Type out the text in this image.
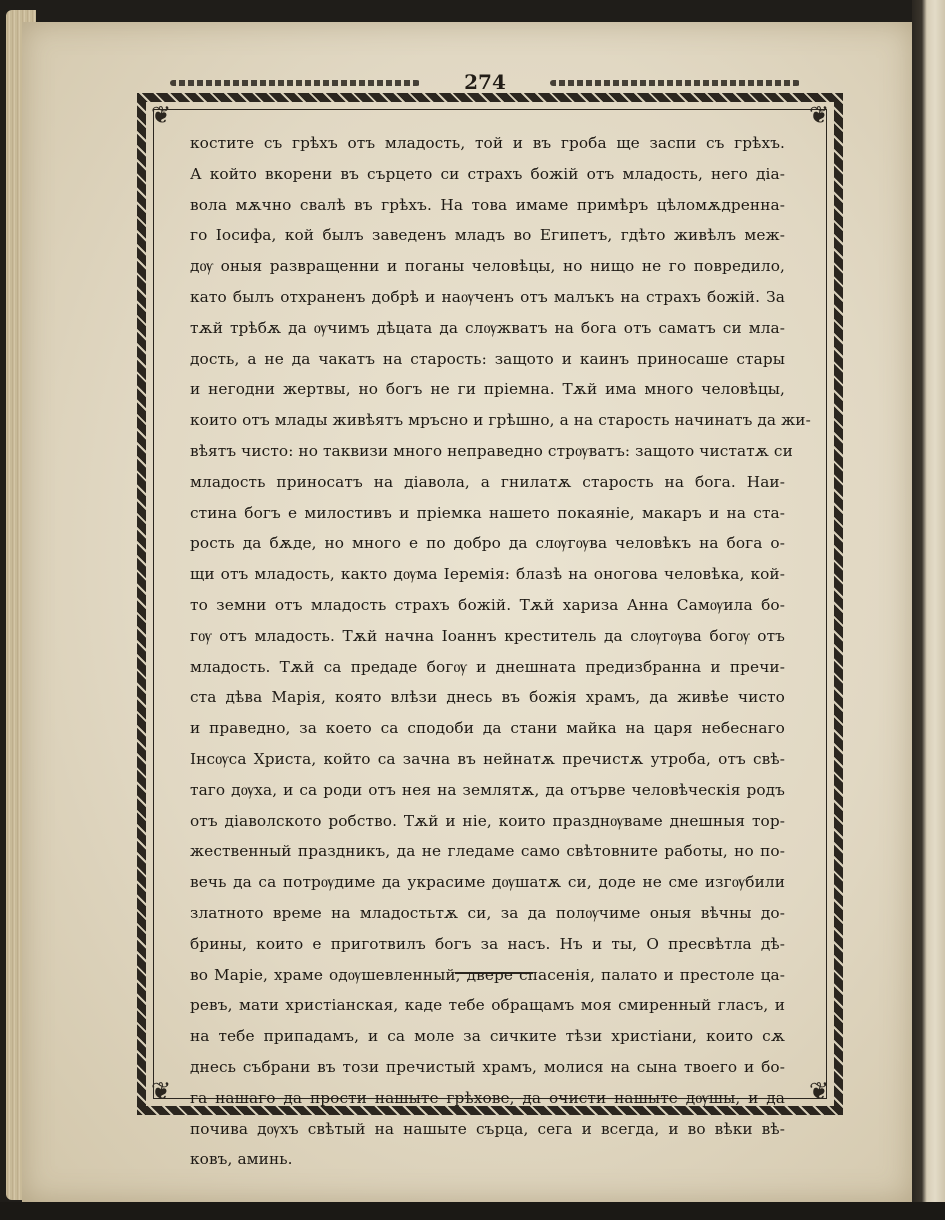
274
❦	❦
❦	❦
костите съ грѣхъ отъ младость, той и въ гроба ще заспи съ грѣхъ.
А който вкорени въ сърцето си страхъ божій отъ младость, него діа-
вола мѫчно свалѣ въ грѣхъ. На това имаме примѣръ цѣломѫдренна-
го Іосифа, кой былъ заведенъ младъ во Египетъ, гдѣто живѣлъ меж-
дѹ оныя развращенни и поганы человѣцы, но нищо не го повредило,
като былъ отхраненъ добрѣ и наѹченъ отъ малъкъ на страхъ божій. За
тѫй трѣбѫ да ѹчимъ дѣцата да слѹжватъ на бога отъ саматъ си мла-
дость, а не да чакатъ на старость: защото и каинъ приносаше стары
и негодни жертвы, но богъ не ги пріемна. Тѫй има много человѣцы,
които отъ млады живѣятъ мръсно и грѣшно, а на старость начинатъ да жи-
вѣятъ чисто: но таквизи много неправедно стрѹватъ: защото чистатѫ си
младость приносатъ на діавола, а гнилатѫ старость на бога. Наи-
стина богъ е милостивъ и пріемка нашето покаяніе, макаръ и на ста-
рость да бѫде, но много е по добро да слѹгѹва человѣкъ на бога о-
щи отъ младость, както дѹма Іеремія: блазѣ на оногова человѣка, кой-
то земни отъ младость страхъ божій. Тѫй хариза Анна Самѹила бо-
гѹ отъ младость. Тѫй начна Іоаннъ креститель да слѹгѹва богѹ отъ
младость. Тѫй са предаде богѹ и днешната предизбранна и пречи-
ста дѣва Марія, която влѣзи днесь въ божія храмъ, да живѣе чисто
и праведно, за което са сподоби да стани майка на царя небеснаго
Інсѹса Христа, който са зачна въ нейнатѫ пречистѫ утроба, отъ свѣ-
таго дѹха, и са роди отъ нея на землятѫ, да отърве человѣческія родъ
отъ діаволското робство. Тѫй и ніе, които празднѹваме днешныя тор-
жественный праздникъ, да не гледаме само свѣтовните работы, но по-
вечь да са потрѹдиме да украсиме дѹшатѫ си, доде не сме изгѹбили
златното време на младостьтѫ си, за да полѹчиме оныя вѣчны до-
брины, които е приготвилъ богъ за насъ. Нъ и ты, О пресвѣтла дѣ-
во Маріе, храме одѹшевленный, двере спасенія, палато и престоле ца-
ревъ, мати христіанская, каде тебе обращамъ моя смиренный гласъ, и
на тебе припадамъ, и са моле за сичките тѣзи христіани, които сѫ
днесь събрани въ този пречистый храмъ, молися на сына твоего и бо-
га нашаго да прости нашыте грѣхове, да очисти нашыте дѹшы, и да
почива дѹхъ свѣтый на нашыте сърца, сега и всегда, и во вѣки вѣ-
ковъ, аминь.
